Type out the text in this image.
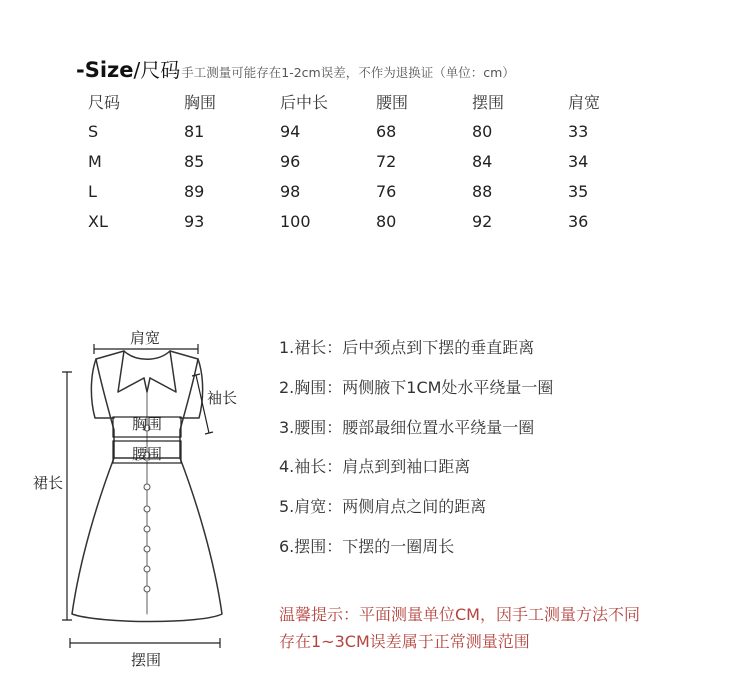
-Size/尺码手工测量可能存在1-2cm误差，不作为退换证（单位：cm）
尺码	胸围	后中长	腰围	摆围	肩宽
S	81	94	68	80	33
M	85	96	72	84	34
L	89	98	76	88	35
XL	93	100	80	92	36
肩宽
袖长
胸围
腰围
裙长
摆围
1.裙长：后中颈点到下摆的垂直距离
2.胸围：两侧腋下1CM处水平绕量一圈
3.腰围：腰部最细位置水平绕量一圈
4.袖长：肩点到到袖口距离
5.肩宽：两侧肩点之间的距离
6.摆围：下摆的一圈周长
温馨提示：平面测量单位CM，因手工测量方法不同
存在1~3CM误差属于正常测量范围
